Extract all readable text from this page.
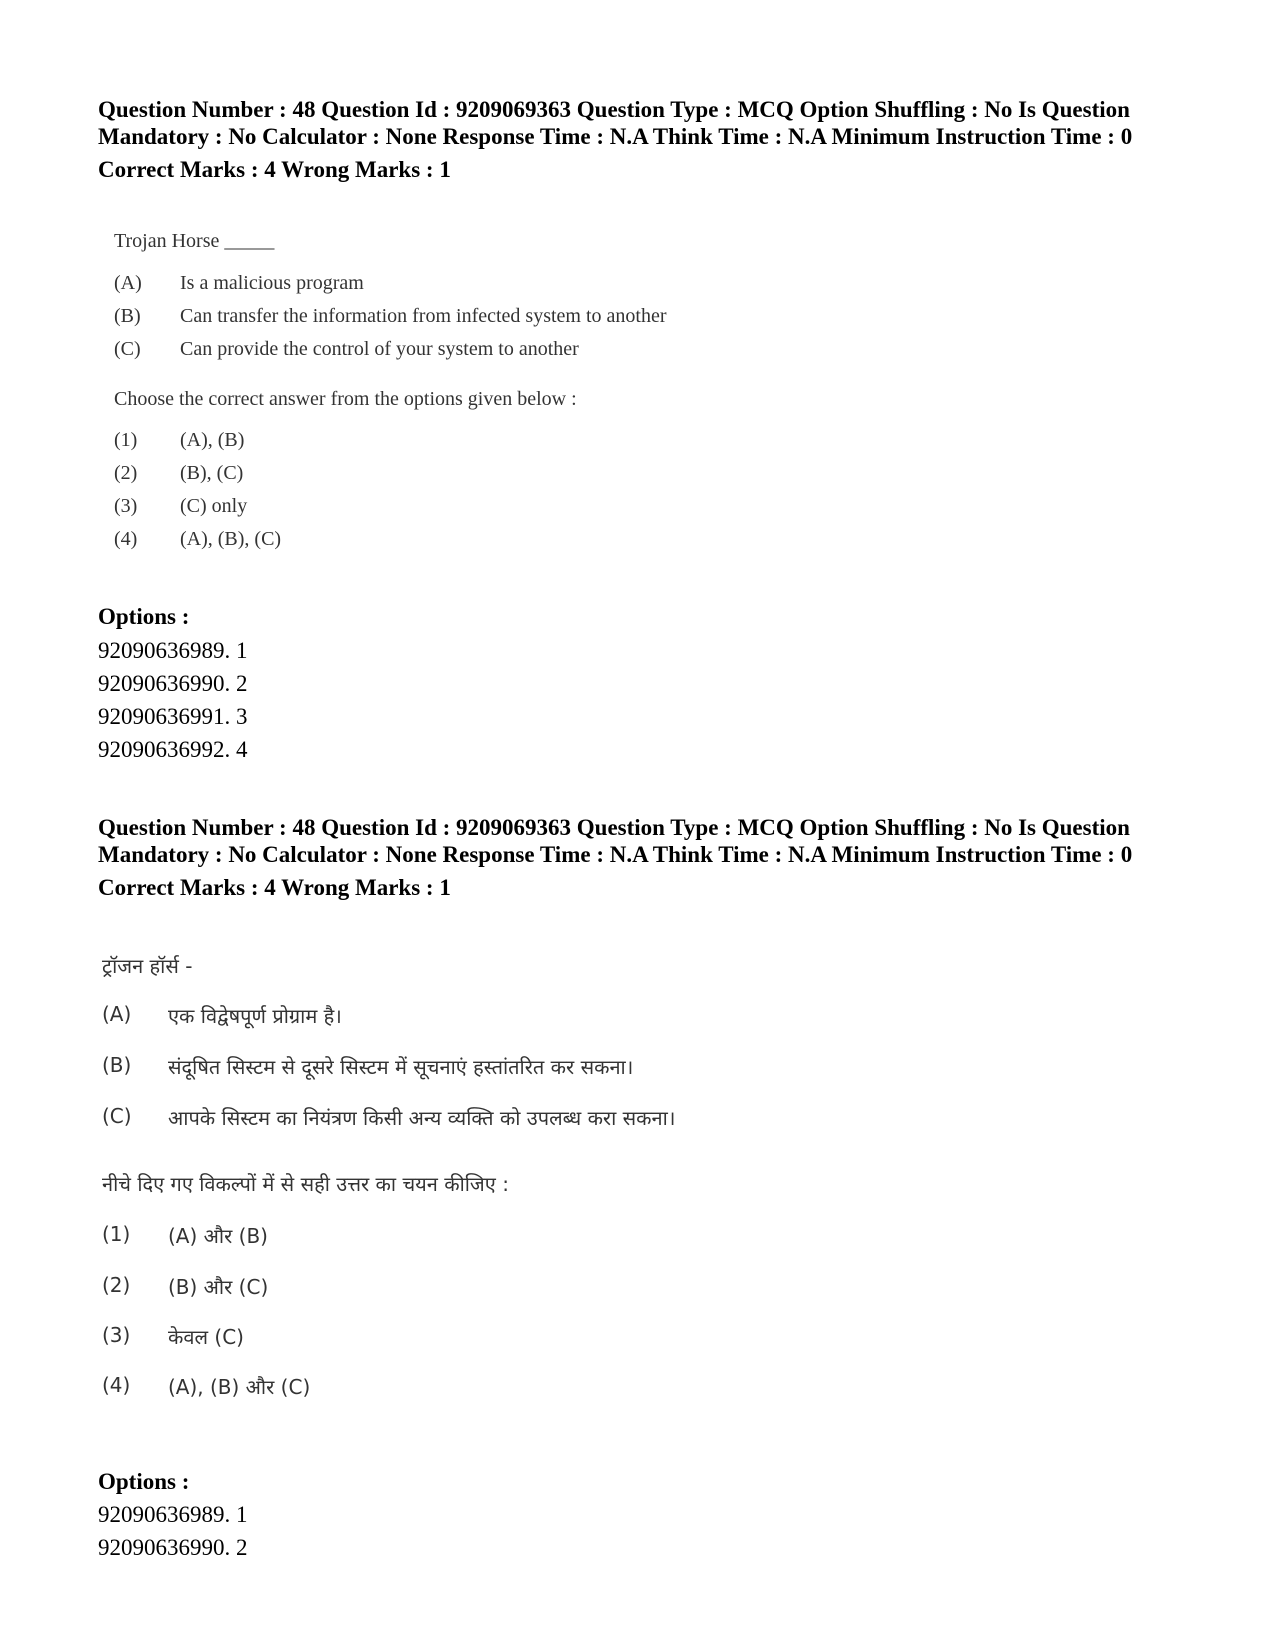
Question Number : 48 Question Id : 9209069363 Question Type : MCQ Option Shuffling : No Is Question Mandatory : No Calculator : None Response Time : N.A Think Time : N.A Minimum Instruction Time : 0

Correct Marks : 4 Wrong Marks : 1
Trojan Horse _____
(A) Is a malicious program
(B) Can transfer the information from infected system to another
(C) Can provide the control of your system to another
Choose the correct answer from the options given below :
(1) (A), (B)
(2) (B), (C)
(3) (C) only
(4) (A), (B), (C)
Options :
92090636989. 1
92090636990. 2
92090636991. 3
92090636992. 4

Question Number : 48 Question Id : 9209069363 Question Type : MCQ Option Shuffling : No Is Question Mandatory : No Calculator : None Response Time : N.A Think Time : N.A Minimum Instruction Time : 0

Correct Marks : 4 Wrong Marks : 1
ट्रॉजन हॉर्स -
(A) एक विद्वेषपूर्ण प्रोग्राम है।
(B) संदूषित सिस्टम से दूसरे सिस्टम में सूचनाएं हस्तांतरित कर सकना।
(C) आपके सिस्टम का नियंत्रण किसी अन्य व्यक्ति को उपलब्ध करा सकना।
नीचे दिए गए विकल्पों में से सही उत्तर का चयन कीजिए :
(1) (A) और (B)
(2) (B) और (C)
(3) केवल (C)
(4) (A), (B) और (C)
Options :
92090636989. 1
92090636990. 2
